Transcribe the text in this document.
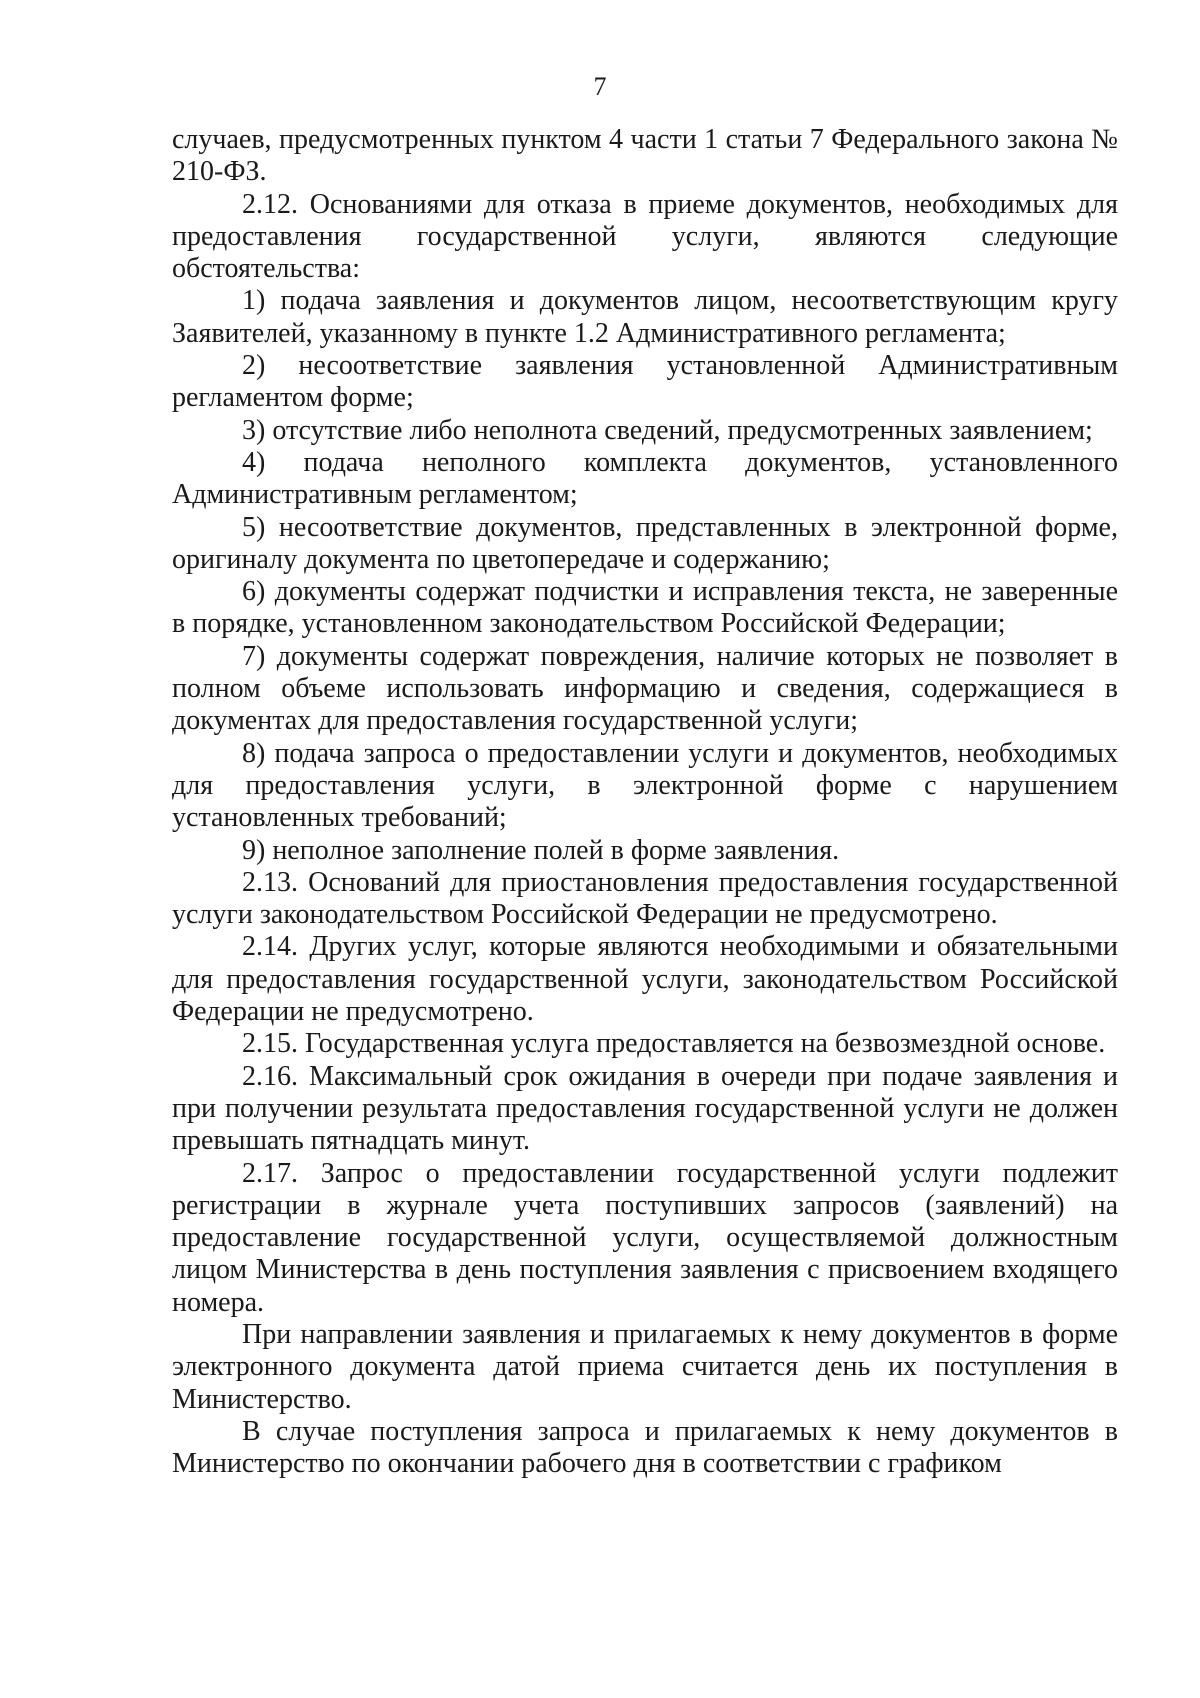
7

случаев, предусмотренных пунктом 4 части 1 статьи 7 Федерального закона № 210-ФЗ.

2.12. Основаниями для отказа в приеме документов, необходимых для предоставления государственной услуги, являются следующие обстоятельства:

1) подача заявления и документов лицом, несоответствующим кругу Заявителей, указанному в пункте 1.2 Административного регламента;

2) несоответствие заявления установленной Административным регламентом форме;

3) отсутствие либо неполнота сведений, предусмотренных заявлением;

4) подача неполного комплекта документов, установленного Административным регламентом;

5) несоответствие документов, представленных в электронной форме, оригиналу документа по цветопередаче и содержанию;

6) документы содержат подчистки и исправления текста, не заверенные в порядке, установленном законодательством Российской Федерации;

7) документы содержат повреждения, наличие которых не позволяет в полном объеме использовать информацию и сведения, содержащиеся в документах для предоставления государственной услуги;

8) подача запроса о предоставлении услуги и документов, необходимых для предоставления услуги, в электронной форме с нарушением установленных требований;

9) неполное заполнение полей в форме заявления.

2.13. Оснований для приостановления предоставления государственной услуги законодательством Российской Федерации не предусмотрено.

2.14. Других услуг, которые являются необходимыми и обязательными для предоставления государственной услуги, законодательством Российской Федерации не предусмотрено.

2.15. Государственная услуга предоставляется на безвозмездной основе.

2.16. Максимальный срок ожидания в очереди при подаче заявления и при получении результата предоставления государственной услуги не должен превышать пятнадцать минут.

2.17. Запрос о предоставлении государственной услуги подлежит регистрации в журнале учета поступивших запросов (заявлений) на предоставление государственной услуги, осуществляемой должностным лицом Министерства в день поступления заявления с присвоением входящего номера.

При направлении заявления и прилагаемых к нему документов в форме электронного документа датой приема считается день их поступления в Министерство.

В случае поступления запроса и прилагаемых к нему документов в Министерство по окончании рабочего дня в соответствии с графиком
